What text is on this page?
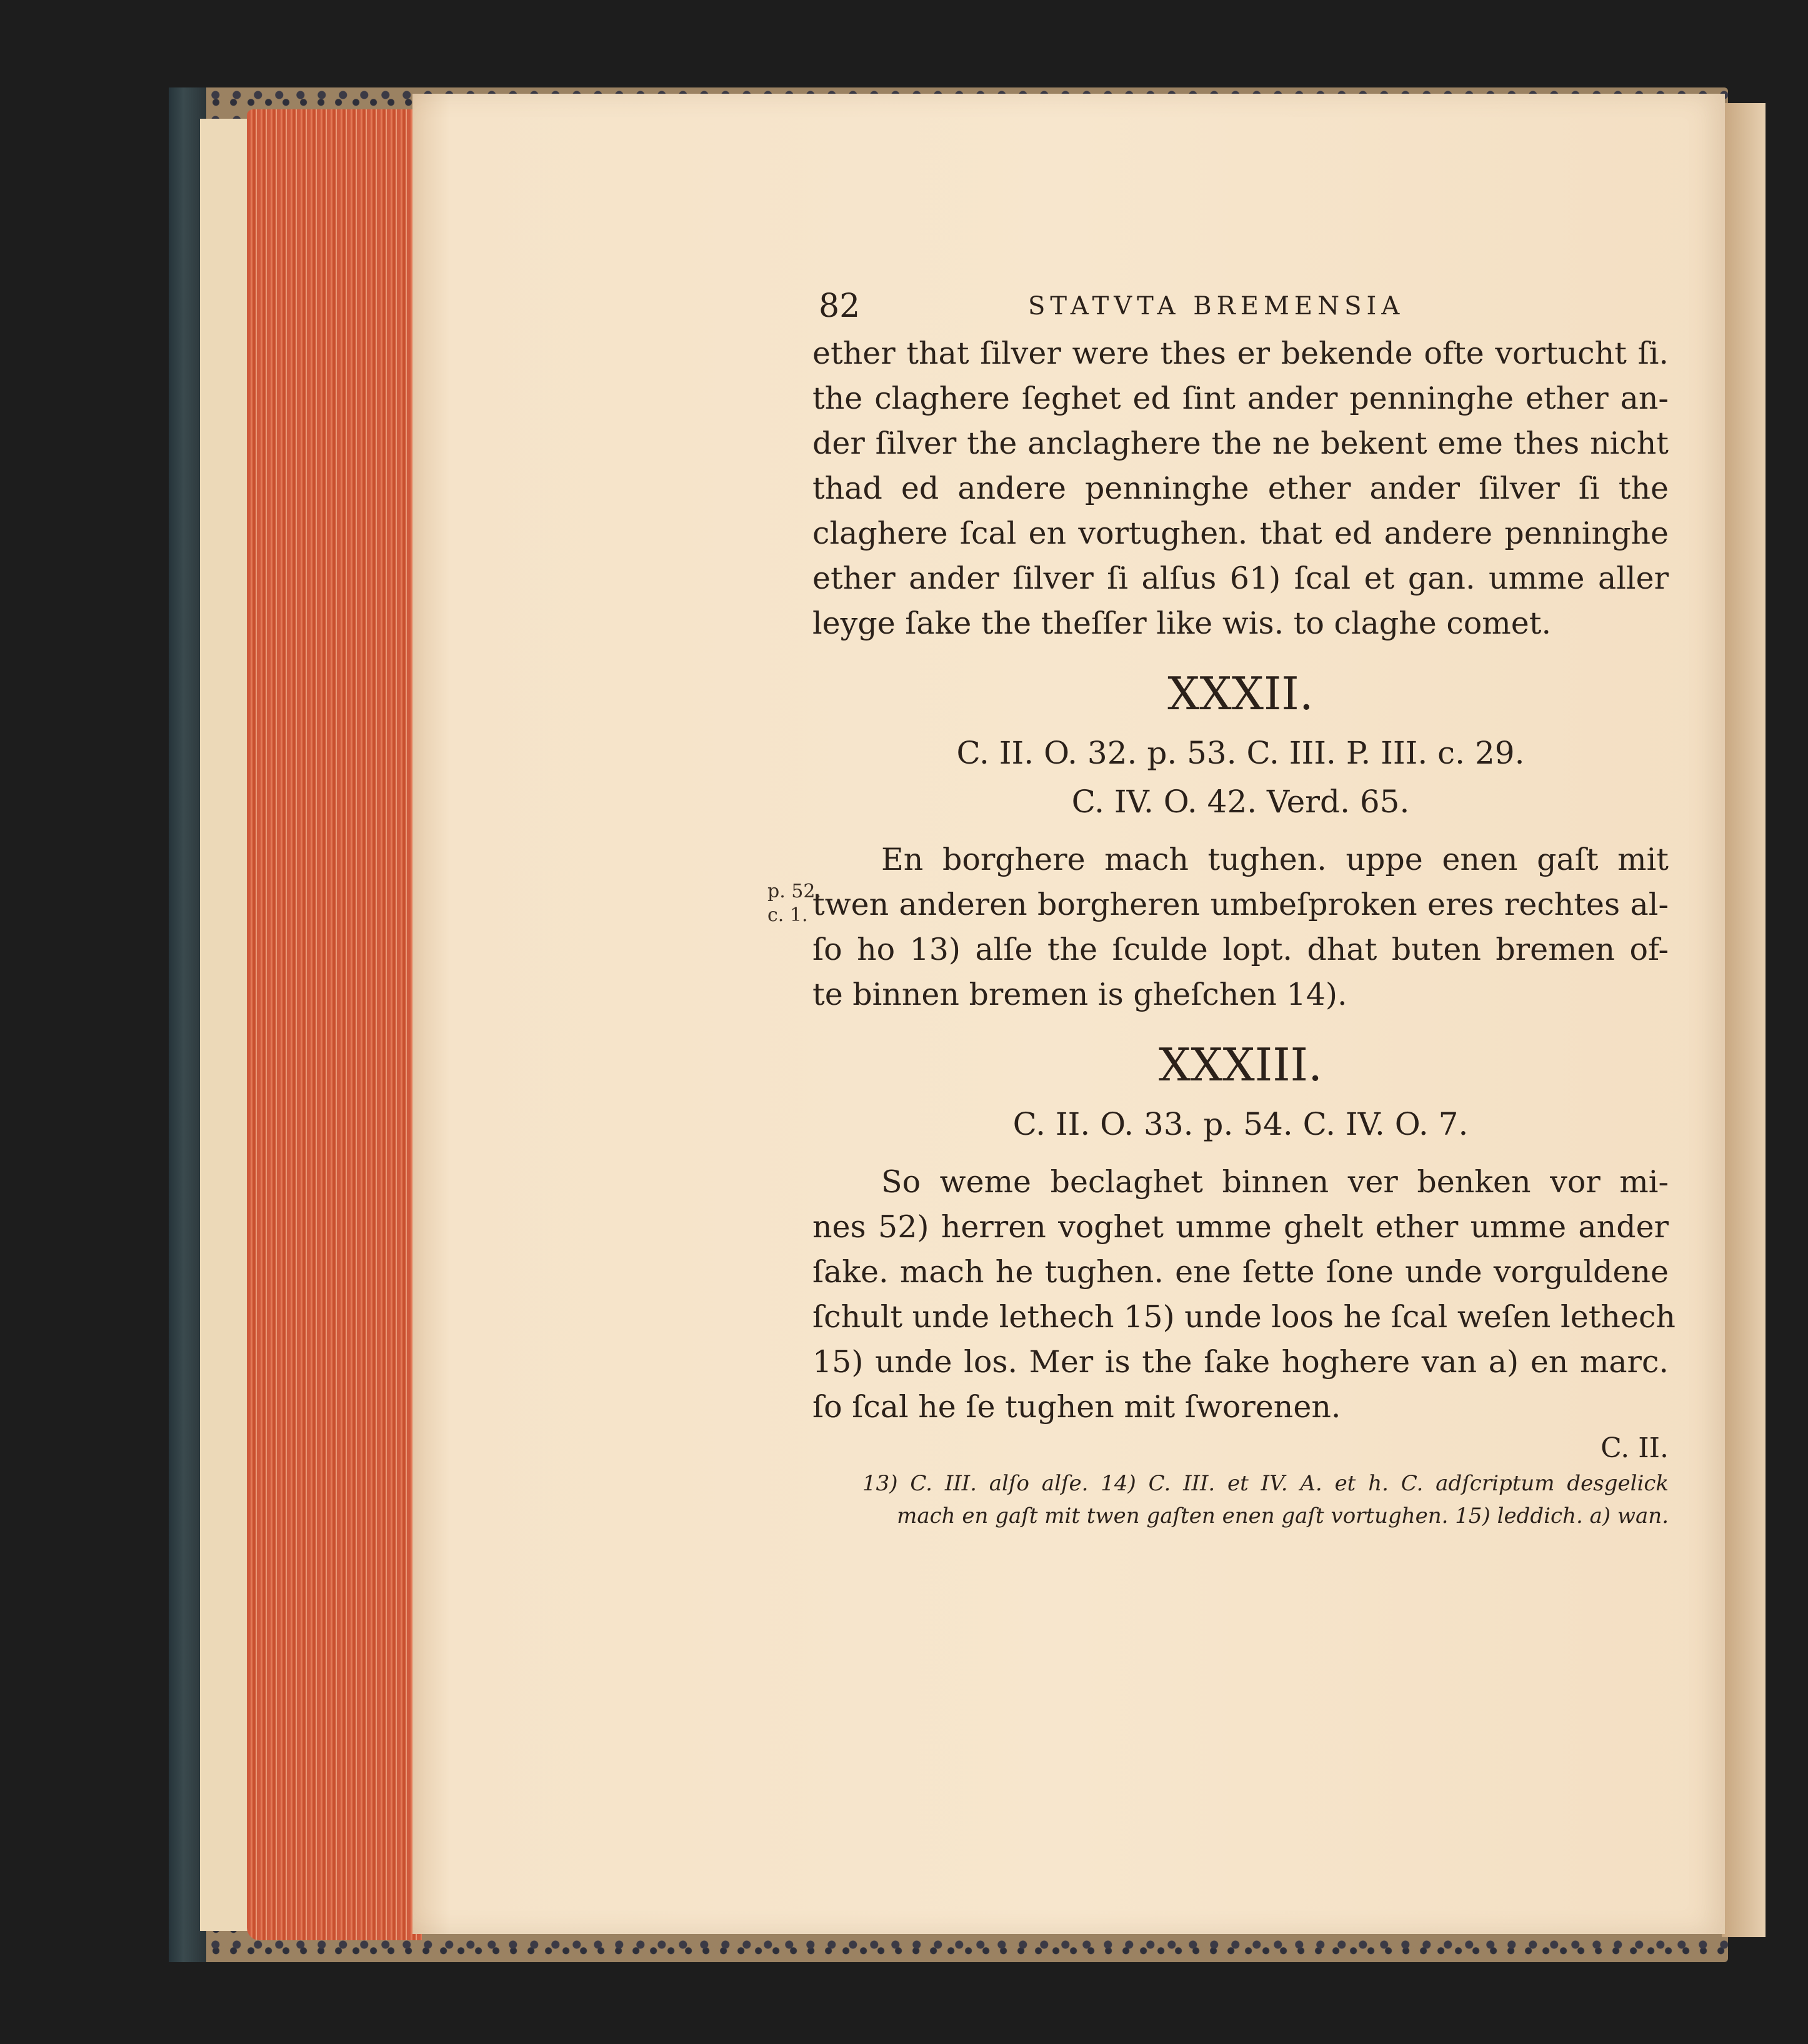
82	STATVTA BREMENSIA
ether that ſilver were thes er bekende ofte vortucht ſi.
the claghere ſeghet ed ſint ander penninghe ether an-
der ſilver the anclaghere the ne bekent eme thes nicht
thad ed andere penninghe ether ander ſilver ſi the
claghere ſcal en vortughen. that ed andere penninghe
ether ander ſilver ſi alſus 61) ſcal et gan. umme aller
leyge ſake the theſſer like wis. to claghe comet.
XXXII.
C. II. O. 32. p. 53. C. III. P. III. c. 29.
C. IV. O. 42. Verd. 65.
En borghere mach tughen. uppe enen gaſt mit
twen anderen borgheren umbeſproken eres rechtes al-
ſo ho 13) alſe the ſculde lopt. dhat buten bremen of-
te binnen bremen is gheſchen 14).
XXXIII.
C. II. O. 33. p. 54. C. IV. O. 7.
So weme beclaghet binnen ver benken vor mi-
nes 52) herren voghet umme ghelt ether umme ander
ſake. mach he tughen. ene ſette ſone unde vorguldene
ſchult unde lethech 15) unde loos he ſcal weſen lethech
15) unde los. Mer is the ſake hoghere van a) en marc.
ſo ſcal he ſe tughen mit ſworenen.
C. II.
13) C. III. alſo alſe. 14) C. III. et IV. A. et h. C. adſcriptum desgelick
mach en gaſt mit twen gaſten enen gaſt vortughen. 15) leddich. a) wan.
p. 52.
c. 1.
